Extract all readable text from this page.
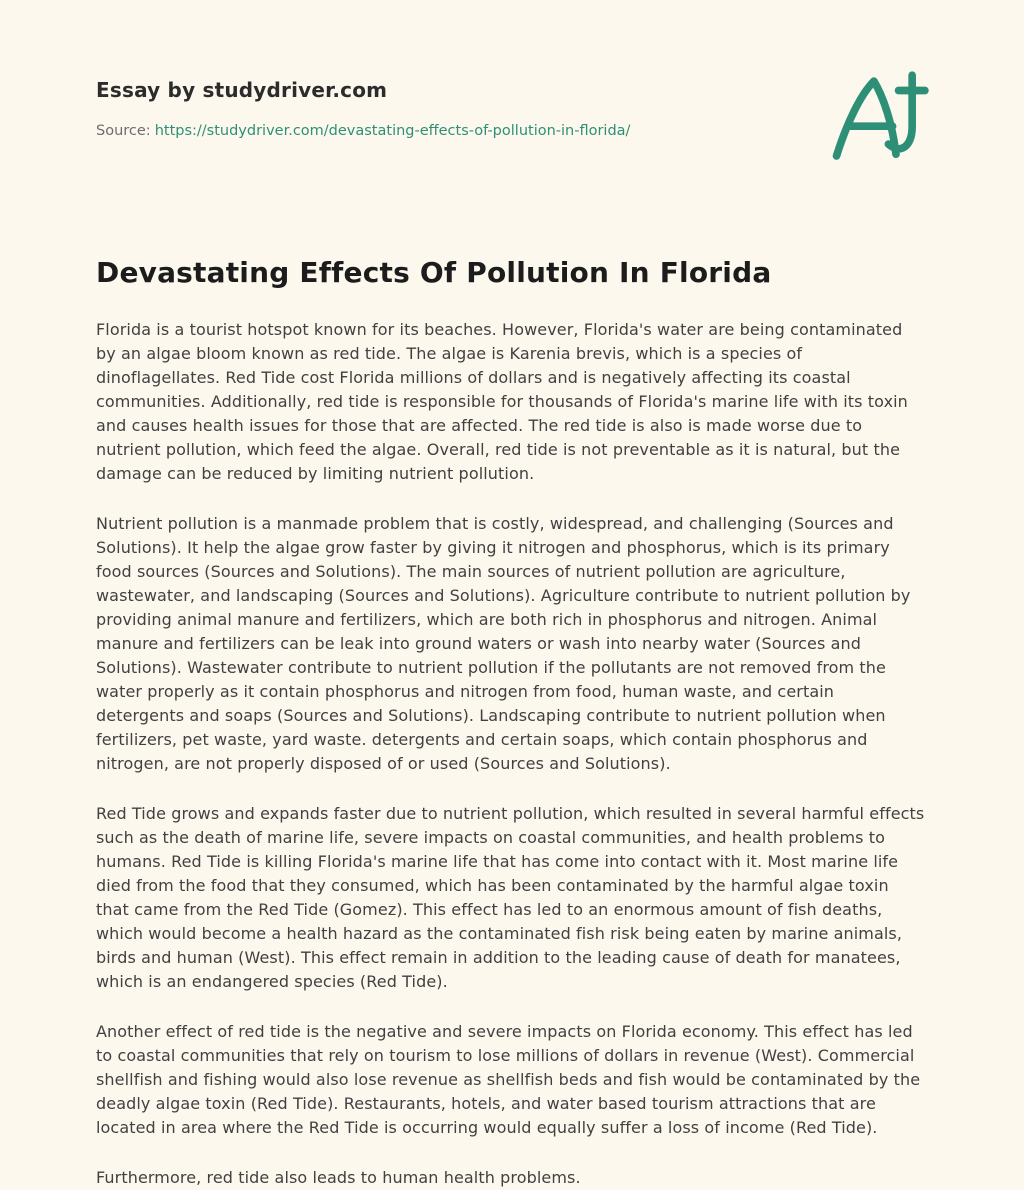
Essay by studydriver.com
Source: https://studydriver.com/devastating-effects-of-pollution-in-florida/
Devastating Effects Of Pollution In Florida

Florida is a tourist hotspot known for its beaches. However, Florida's water are being contaminated by an algae bloom known as red tide. The algae is Karenia brevis, which is a species of dinoflagellates. Red Tide cost Florida millions of dollars and is negatively affecting its coastal communities. Additionally, red tide is responsible for thousands of Florida's marine life with its toxin and causes health issues for those that are affected. The red tide is also is made worse due to nutrient pollution, which feed the algae. Overall, red tide is not preventable as it is natural, but the damage can be reduced by limiting nutrient pollution.

Nutrient pollution is a manmade problem that is costly, widespread, and challenging (Sources and Solutions). It help the algae grow faster by giving it nitrogen and phosphorus, which is its primary food sources (Sources and Solutions). The main sources of nutrient pollution are agriculture, wastewater, and landscaping (Sources and Solutions). Agriculture contribute to nutrient pollution by providing animal manure and fertilizers, which are both rich in phosphorus and nitrogen. Animal manure and fertilizers can be leak into ground waters or wash into nearby water (Sources and Solutions). Wastewater contribute to nutrient pollution if the pollutants are not removed from the water properly as it contain phosphorus and nitrogen from food, human waste, and certain detergents and soaps (Sources and Solutions). Landscaping contribute to nutrient pollution when fertilizers, pet waste, yard waste. detergents and certain soaps, which contain phosphorus and nitrogen, are not properly disposed of or used (Sources and Solutions).

Red Tide grows and expands faster due to nutrient pollution, which resulted in several harmful effects such as the death of marine life, severe impacts on coastal communities, and health problems to humans. Red Tide is killing Florida's marine life that has come into contact with it. Most marine life died from the food that they consumed, which has been contaminated by the harmful algae toxin that came from the Red Tide (Gomez). This effect has led to an enormous amount of fish deaths, which would become a health hazard as the contaminated fish risk being eaten by marine animals, birds and human (West). This effect remain in addition to the leading cause of death for manatees, which is an endangered species (Red Tide).

Another effect of red tide is the negative and severe impacts on Florida economy. This effect has led to coastal communities that rely on tourism to lose millions of dollars in revenue (West). Commercial shellfish and fishing would also lose revenue as shellfish beds and fish would be contaminated by the deadly algae toxin (Red Tide). Restaurants, hotels, and water based tourism attractions that are located in area where the Red Tide is occurring would equally suffer a loss of income (Red Tide).

Furthermore, red tide also leads to human health problems.
